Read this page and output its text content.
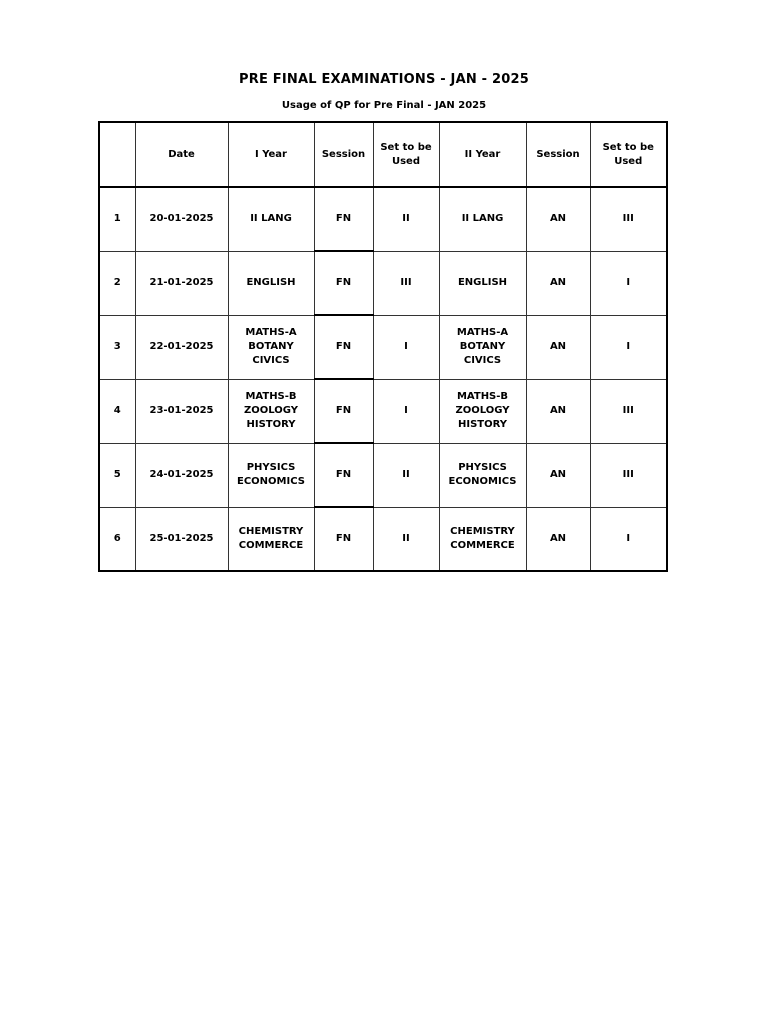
PRE FINAL EXAMINATIONS - JAN - 2025
Usage of QP for Pre Final - JAN 2025
	Date	I Year	Session	Set to be
Used	II Year	Session	Set to be
Used

1	20-01-2025	II LANG	FN	II	II LANG	AN	III
2	21-01-2025	ENGLISH	FN	III	ENGLISH	AN	I
3	22-01-2025	MATHS-A
BOTANY
CIVICS	FN	I	MATHS-A
BOTANY
CIVICS	AN	I
4	23-01-2025	MATHS-B
ZOOLOGY
HISTORY	FN	I	MATHS-B
ZOOLOGY
HISTORY	AN	III
5	24-01-2025	PHYSICS
ECONOMICS	FN	II	PHYSICS
ECONOMICS	AN	III
6	25-01-2025	CHEMISTRY
COMMERCE	FN	II	CHEMISTRY
COMMERCE	AN	I
